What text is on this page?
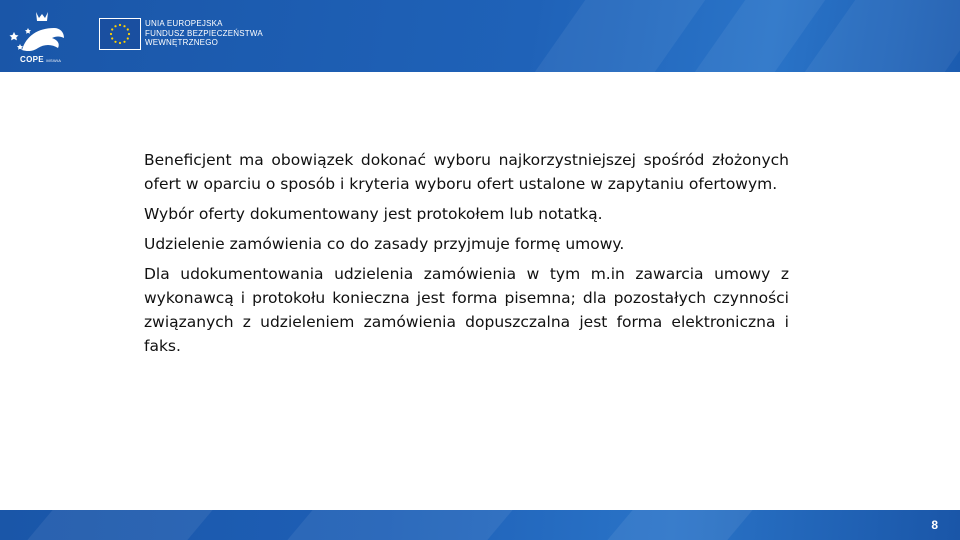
COPE MSWiA
UNIA EUROPEJSKA
FUNDUSZ BEZPIECZEŃSTWA
WEWNĘTRZNEGO

Beneficjent ma obowiązek dokonać wyboru najkorzystniejszej spośród złożonych ofert w oparciu o sposób i kryteria wyboru ofert ustalone w zapytaniu ofertowym.

Wybór oferty dokumentowany jest protokołem lub notatką.

Udzielenie zamówienia co do zasady przyjmuje formę umowy.

Dla udokumentowania udzielenia zamówienia w tym m.in zawarcia umowy z wykonawcą i protokołu konieczna jest forma pisemna; dla pozostałych czynności związanych z udzieleniem zamówienia dopuszczalna jest forma elektroniczna i faks.

8
